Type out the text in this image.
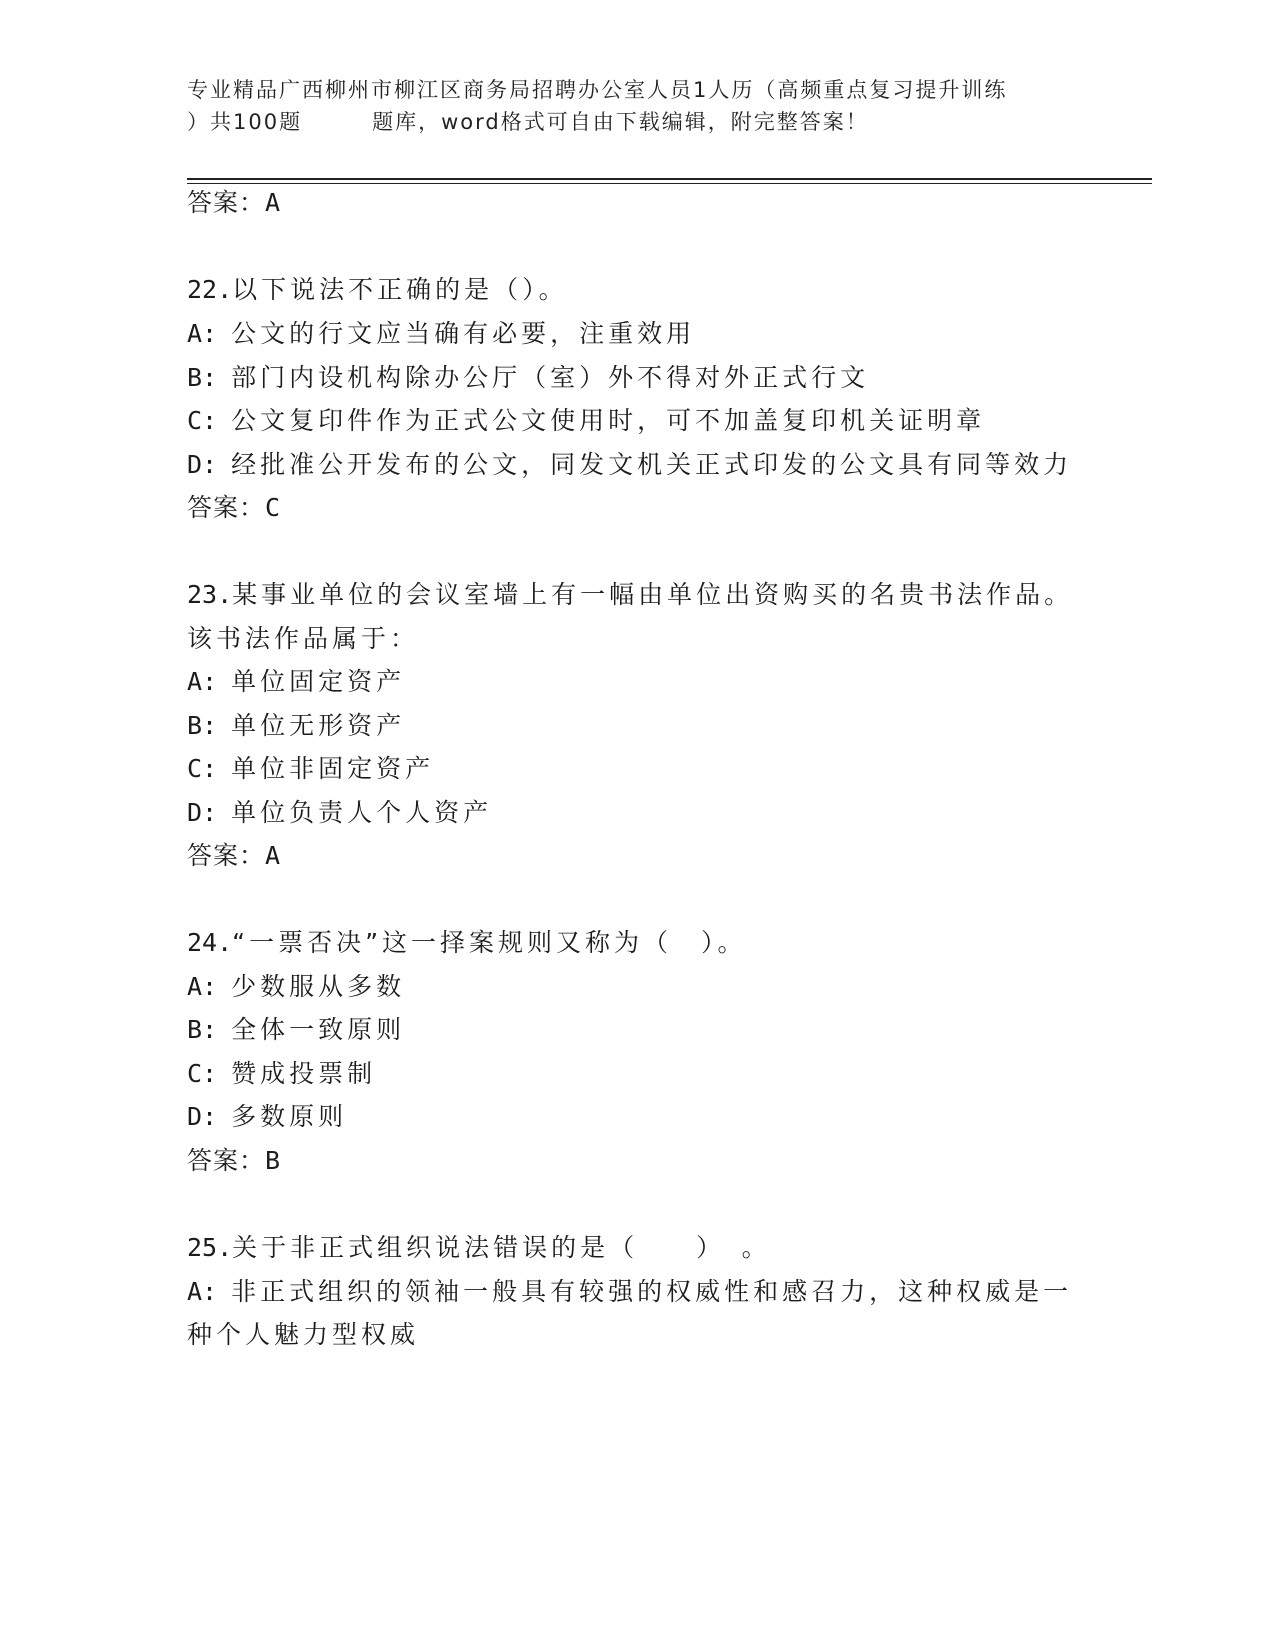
专业精品广西柳州市柳江区商务局招聘办公室人员1人历（高频重点复习提升训练
）共100题	题库，word格式可自由下载编辑，附完整答案！
答案：A
22.以下说法不正确的是（）。
A: 公文的行文应当确有必要，注重效用
B: 部门内设机构除办公厅（室）外不得对外正式行文
C: 公文复印件作为正式公文使用时，可不加盖复印机关证明章
D: 经批准公开发布的公文，同发文机关正式印发的公文具有同等效力
答案：C
23.某事业单位的会议室墙上有一幅由单位出资购买的名贵书法作品。
该书法作品属于：
A: 单位固定资产
B: 单位无形资产
C: 单位非固定资产
D: 单位负责人个人资产
答案：A
24.“一票否决”这一择案规则又称为（　）。
A: 少数服从多数
B: 全体一致原则
C: 赞成投票制
D: 多数原则
答案：B
25.关于非正式组织说法错误的是（　　）　。
A: 非正式组织的领袖一般具有较强的权威性和感召力，这种权威是一
种个人魅力型权威
